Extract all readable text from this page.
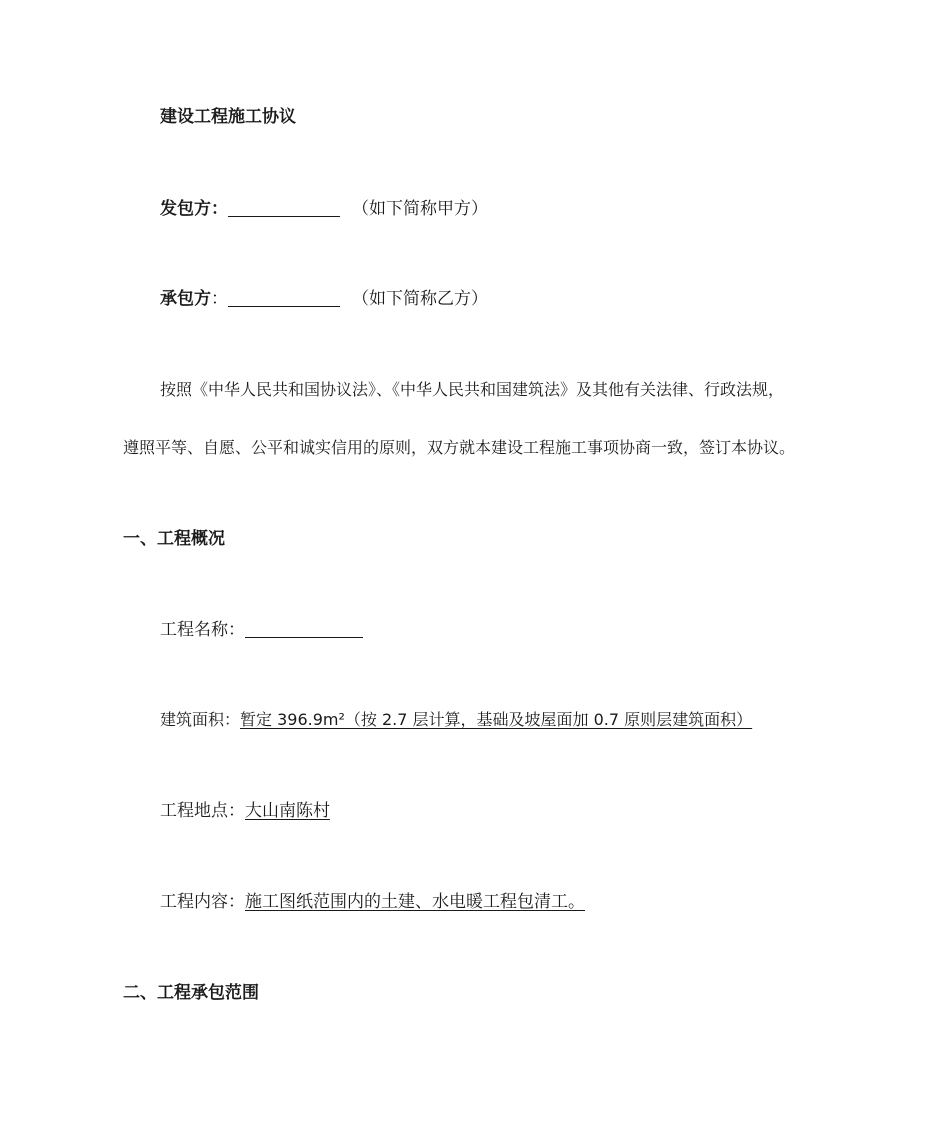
建设工程施工协议
发包方：	（如下简称甲方）
承包方：	（如下简称乙方）
按照《中华人民共和国协议法》、《中华人民共和国建筑法》及其他有关法律、行政法规，
遵照平等、自愿、公平和诚实信用的原则，双方就本建设工程施工事项协商一致，签订本协议。
一、工程概况
工程名称：
建筑面积：暂定 396.9m²（按 2.7 层计算，基础及坡屋面加 0.7 原则层建筑面积）
工程地点：大山南陈村
工程内容：施工图纸范围内的土建、水电暖工程包清工。
二、工程承包范围
